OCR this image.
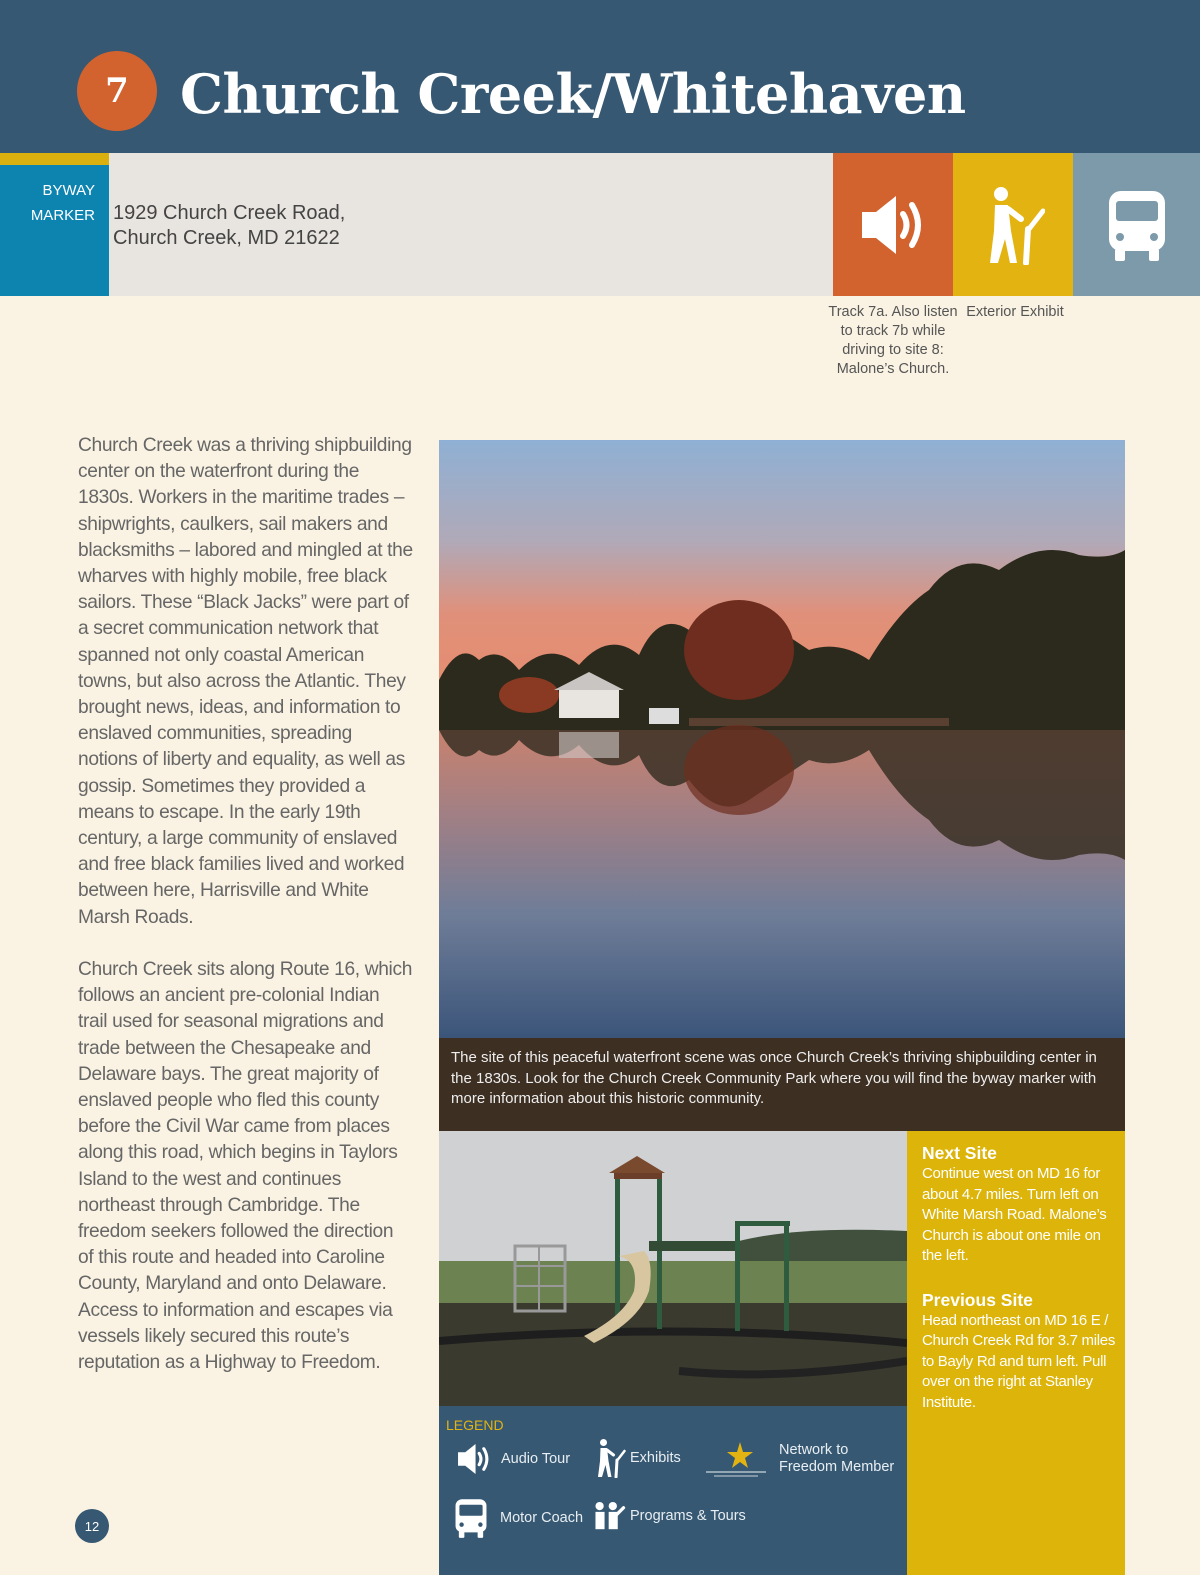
7 Church Creek/Whitehaven
BYWAY
MARKER 1929 Church Creek Road,
Church Creek, MD 21622
Track 7a. Also listen to track 7b while driving to site 8: Malone’s Church.
Exterior Exhibit

Church Creek was a thriving shipbuilding center on the waterfront during the 1830s. Workers in the maritime trades – shipwrights, caulkers, sail makers and blacksmiths – labored and mingled at the wharves with highly mobile, free black sailors. These “Black Jacks” were part of a secret communication network that spanned not only coastal American towns, but also across the Atlantic. They brought news, ideas, and information to enslaved communities, spreading notions of liberty and equality, as well as gossip. Sometimes they provided a means to escape. In the early 19th century, a large community of enslaved and free black families lived and worked between here, Harrisville and White Marsh Roads.

Church Creek sits along Route 16, which follows an ancient pre-colonial Indian trail used for seasonal migrations and trade between the Chesapeake and Delaware bays. The great majority of enslaved people who fled this county before the Civil War came from places along this road, which begins in Taylors Island to the west and continues northeast through Cambridge. The freedom seekers followed the direction of this route and headed into Caroline County, Maryland and onto Delaware. Access to information and escapes via vessels likely secured this route’s reputation as a Highway to Freedom.

The site of this peaceful waterfront scene was once Church Creek’s thriving shipbuilding center in the 1830s. Look for the Church Creek Community Park where you will find the byway marker with more information about this historic community.
LEGEND
Audio Tour	Exhibits	Network to
Freedom Member
Motor Coach	Programs & Tours
Next Site
Continue west on MD 16 for about 4.7 miles. Turn left on White Marsh Road. Malone’s Church is about one mile on the left.
Previous Site
Head northeast on MD 16 E / Church Creek Rd for 3.7 miles to Bayly Rd and turn left. Pull over on the right at Stanley Institute.
12
